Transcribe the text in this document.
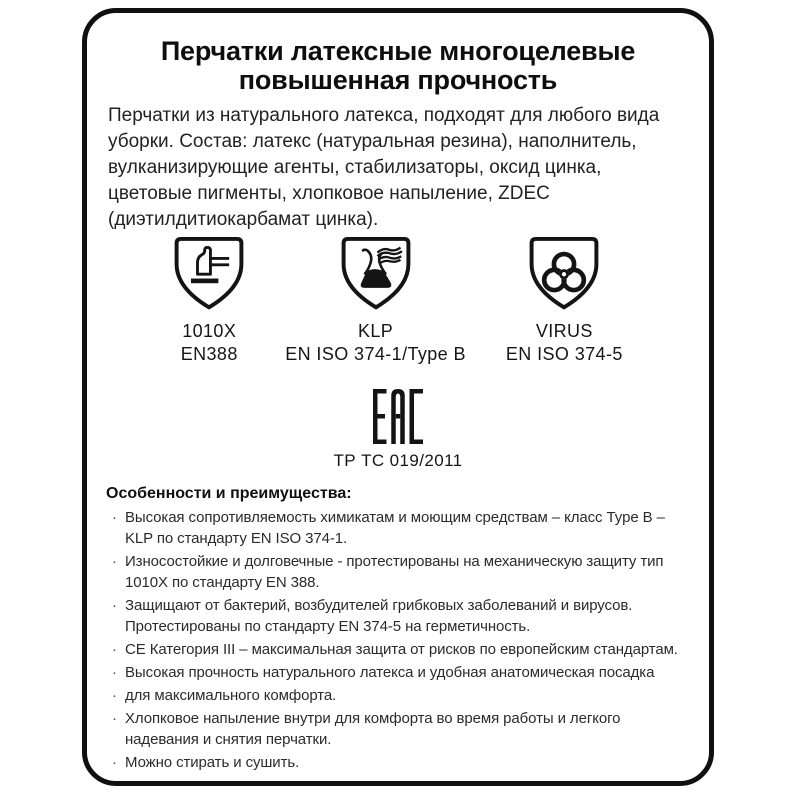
Перчатки латексные многоцелевые
повышенная прочность

Перчатки из натурального латекса, подходят для любого вида уборки. Состав: латекс (натуральная резина), наполнитель, вулканизирующие агенты, стабилизаторы, оксид цинка, цветовые пигменты, хлопковое напыление, ZDEC (диэтилдитиокарбамат цинка).

1010X
EN388
KLP
EN ISO 374-1/Type B
VIRUS
EN ISO 374-5
ТР ТС 019/2011
Особенности и преимущества:
· Высокая сопротивляемость химикатам и моющим средствам – класс Type B – KLP по стандарту EN ISO 374-1.
· Износостойкие и долговечные - протестированы на механическую защиту тип 1010X по стандарту EN 388.
· Защищают от бактерий, возбудителей грибковых заболеваний и вирусов. Протестированы по стандарту EN 374-5 на герметичность.
· CE Категория III – максимальная защита от рисков по европейским стандартам.
· Высокая прочность натурального латекса и удобная анатомическая посадка
· для максимального комфорта.
· Хлопковое напыление внутри для комфорта во время работы и легкого надевания и снятия перчатки.
· Можно стирать и сушить.
